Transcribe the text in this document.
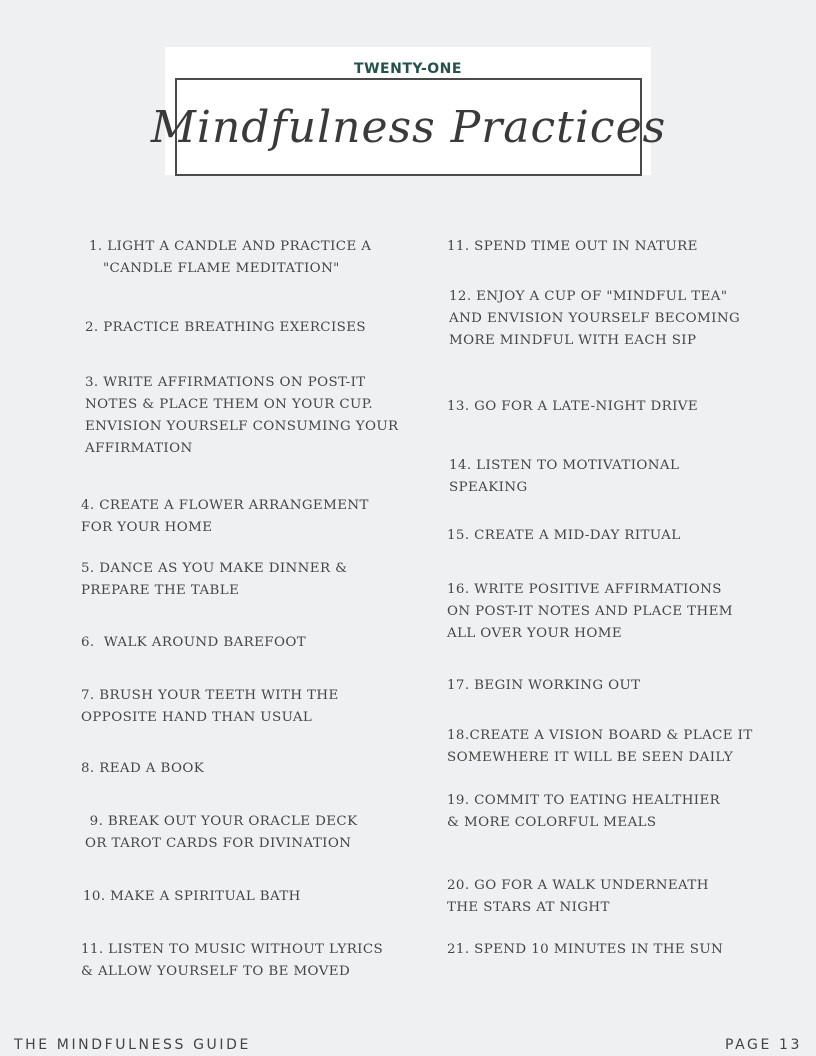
TWENTY-ONE
Mindfulness Practices
1. LIGHT A CANDLE AND PRACTICE A
"CANDLE FLAME MEDITATION"
2. PRACTICE BREATHING EXERCISES
3. WRITE AFFIRMATIONS ON POST-IT
NOTES & PLACE THEM ON YOUR CUP.
ENVISION YOURSELF CONSUMING YOUR
AFFIRMATION
4. CREATE A FLOWER ARRANGEMENT
FOR YOUR HOME
5. DANCE AS YOU MAKE DINNER &
PREPARE THE TABLE
6.  WALK AROUND BAREFOOT
7. BRUSH YOUR TEETH WITH THE
OPPOSITE HAND THAN USUAL
8. READ A BOOK
9. BREAK OUT YOUR ORACLE DECK
OR TAROT CARDS FOR DIVINATION
10. MAKE A SPIRITUAL BATH
11. LISTEN TO MUSIC WITHOUT LYRICS
& ALLOW YOURSELF TO BE MOVED
11. SPEND TIME OUT IN NATURE
12. ENJOY A CUP OF "MINDFUL TEA"
AND ENVISION YOURSELF BECOMING
MORE MINDFUL WITH EACH SIP
13. GO FOR A LATE-NIGHT DRIVE
14. LISTEN TO MOTIVATIONAL
SPEAKING
15. CREATE A MID-DAY RITUAL
16. WRITE POSITIVE AFFIRMATIONS
ON POST-IT NOTES AND PLACE THEM
ALL OVER YOUR HOME
17. BEGIN WORKING OUT
18.CREATE A VISION BOARD & PLACE IT
SOMEWHERE IT WILL BE SEEN DAILY
19. COMMIT TO EATING HEALTHIER
& MORE COLORFUL MEALS
20. GO FOR A WALK UNDERNEATH
THE STARS AT NIGHT
21. SPEND 10 MINUTES IN THE SUN
THE MINDFULNESS GUIDE	PAGE 13
